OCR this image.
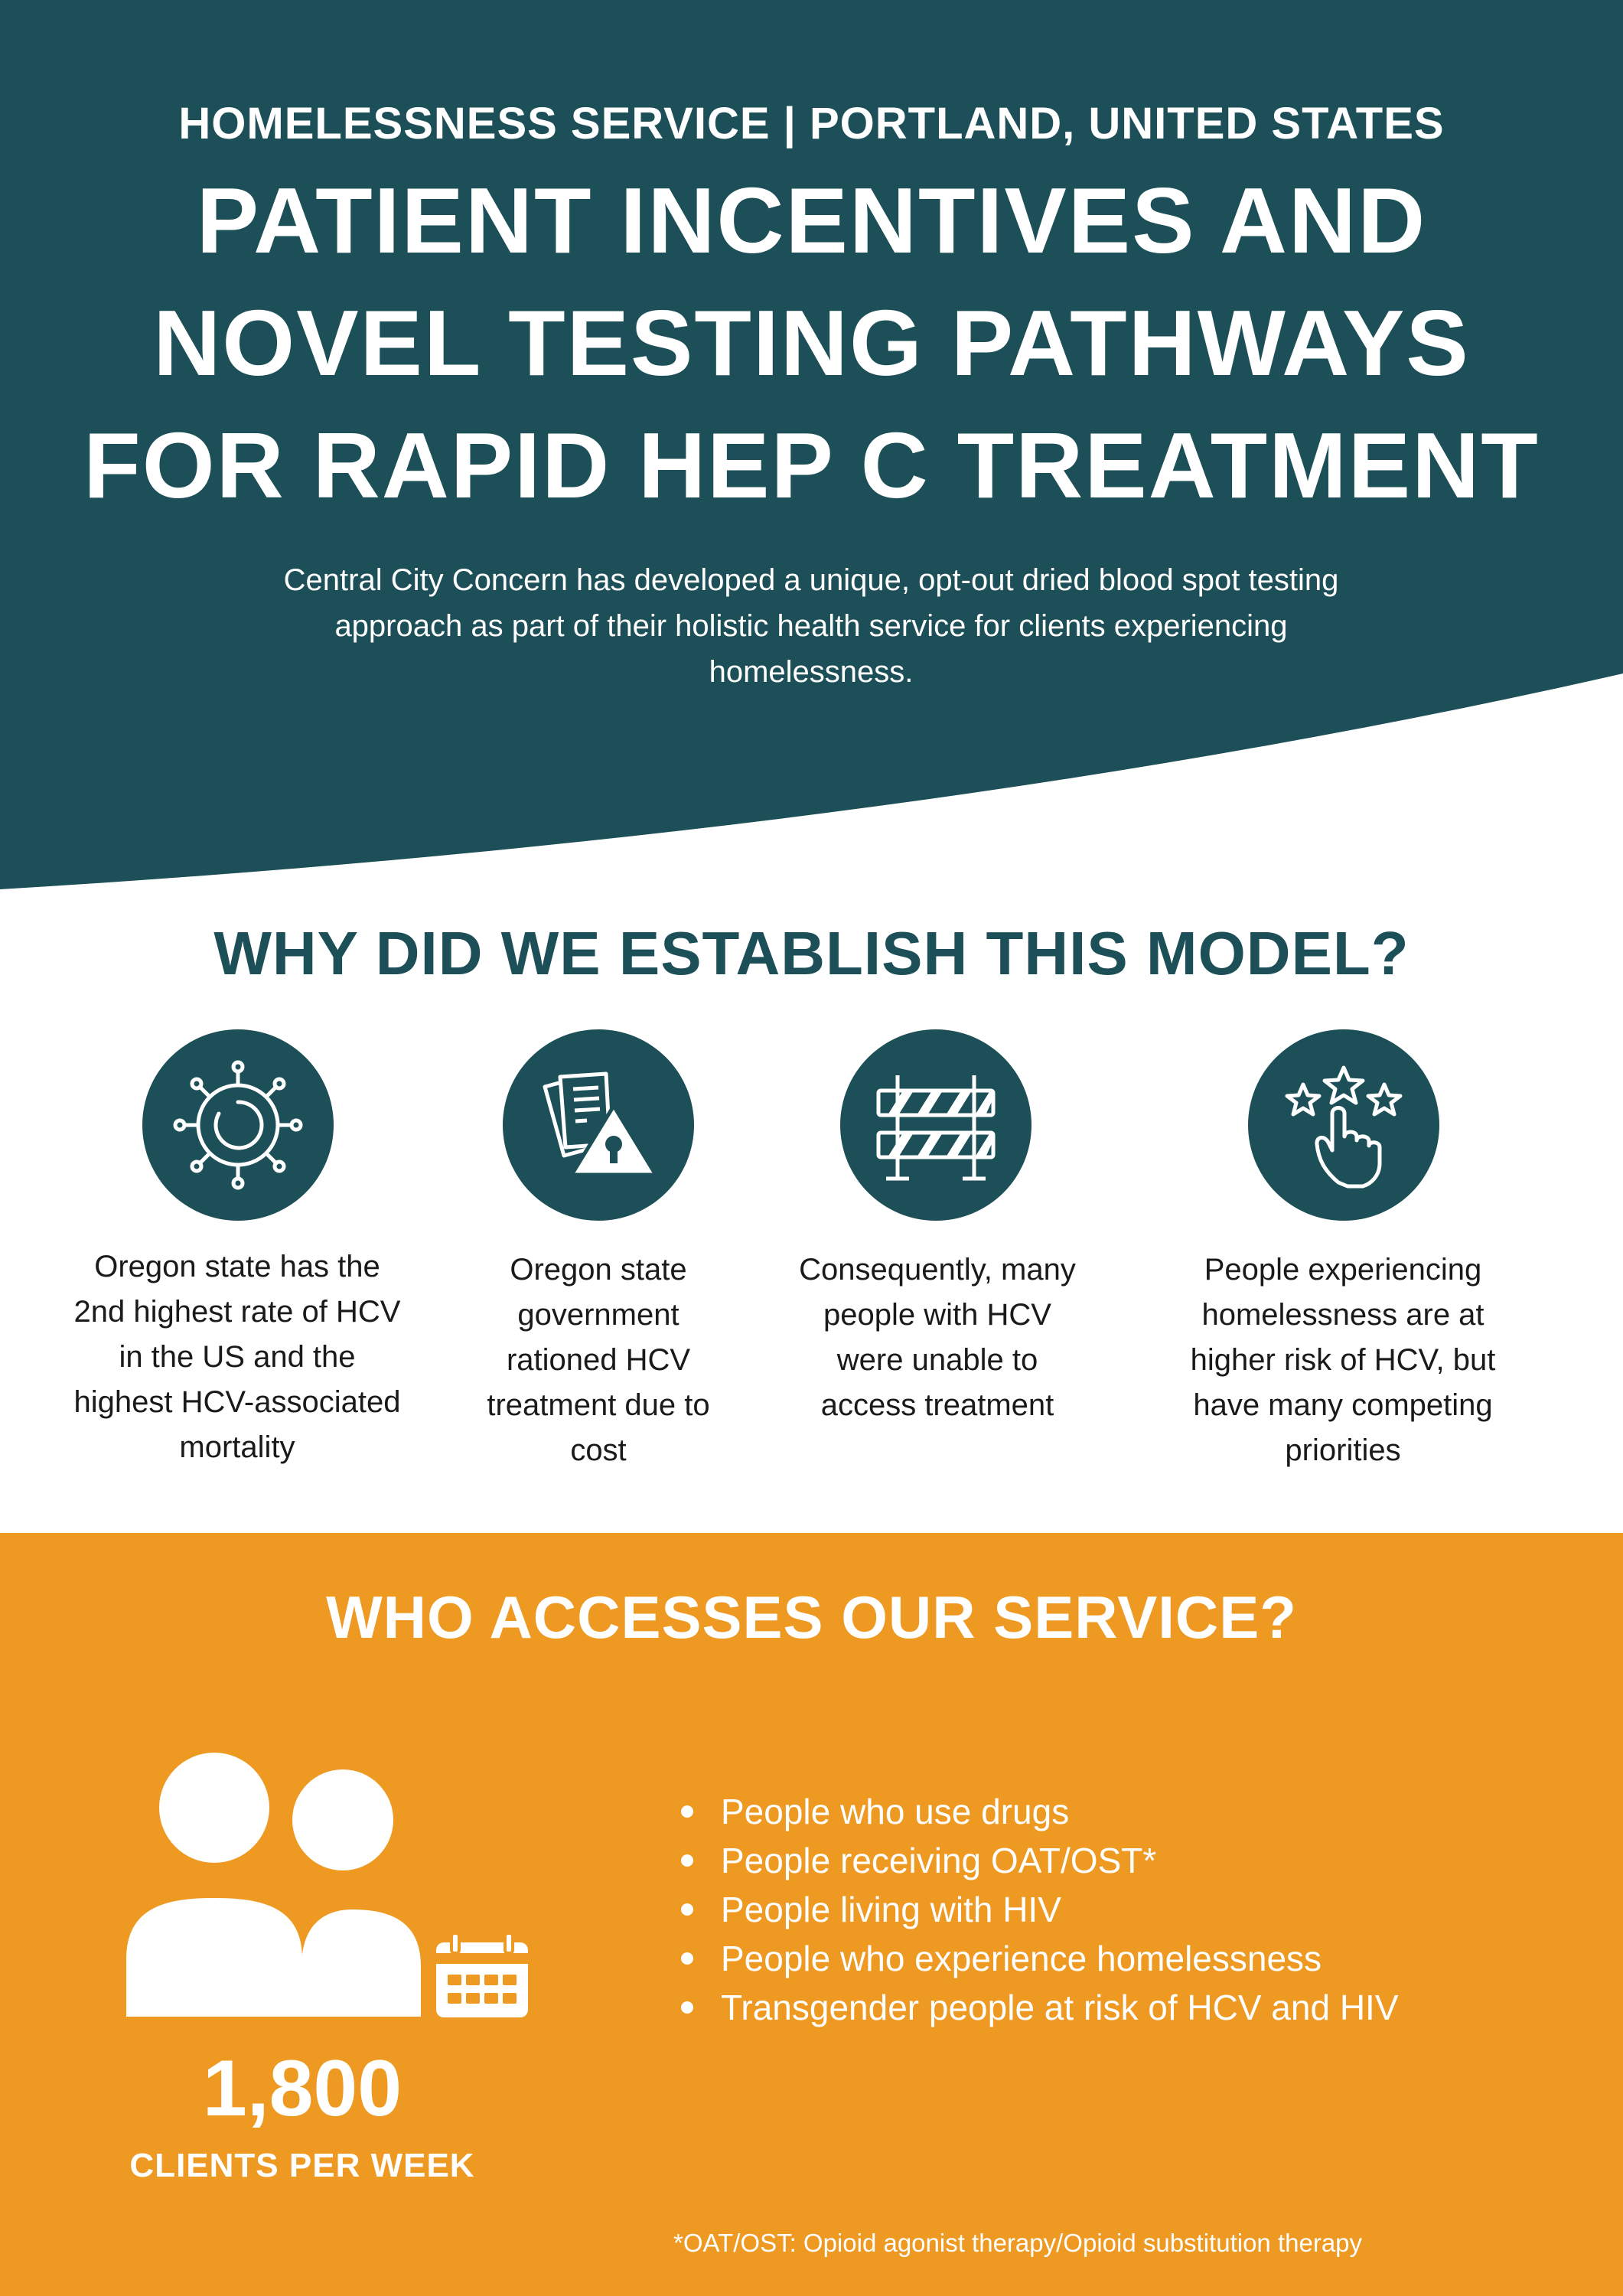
HOMELESSNESS SERVICE | PORTLAND, UNITED STATES
PATIENT INCENTIVES AND
NOVEL TESTING PATHWAYS
FOR RAPID HEP C TREATMENT
Central City Concern has developed a unique, opt-out dried blood spot testing approach as part of their holistic health service for clients experiencing homelessness.
WHY DID WE ESTABLISH THIS MODEL?
Oregon state has the 2nd highest rate of HCV in the US and the highest HCV-associated mortality
Oregon state government rationed HCV treatment due to cost
Consequently, many people with HCV were unable to access treatment
People experiencing homelessness are at higher risk of HCV, but have many competing priorities
WHO ACCESSES OUR SERVICE?
1,800
CLIENTS PER WEEK
People who use drugs
People receiving OAT/OST*
People living with HIV
People who experience homelessness
Transgender people at risk of HCV and HIV
*OAT/OST: Opioid agonist therapy/Opioid substitution therapy
